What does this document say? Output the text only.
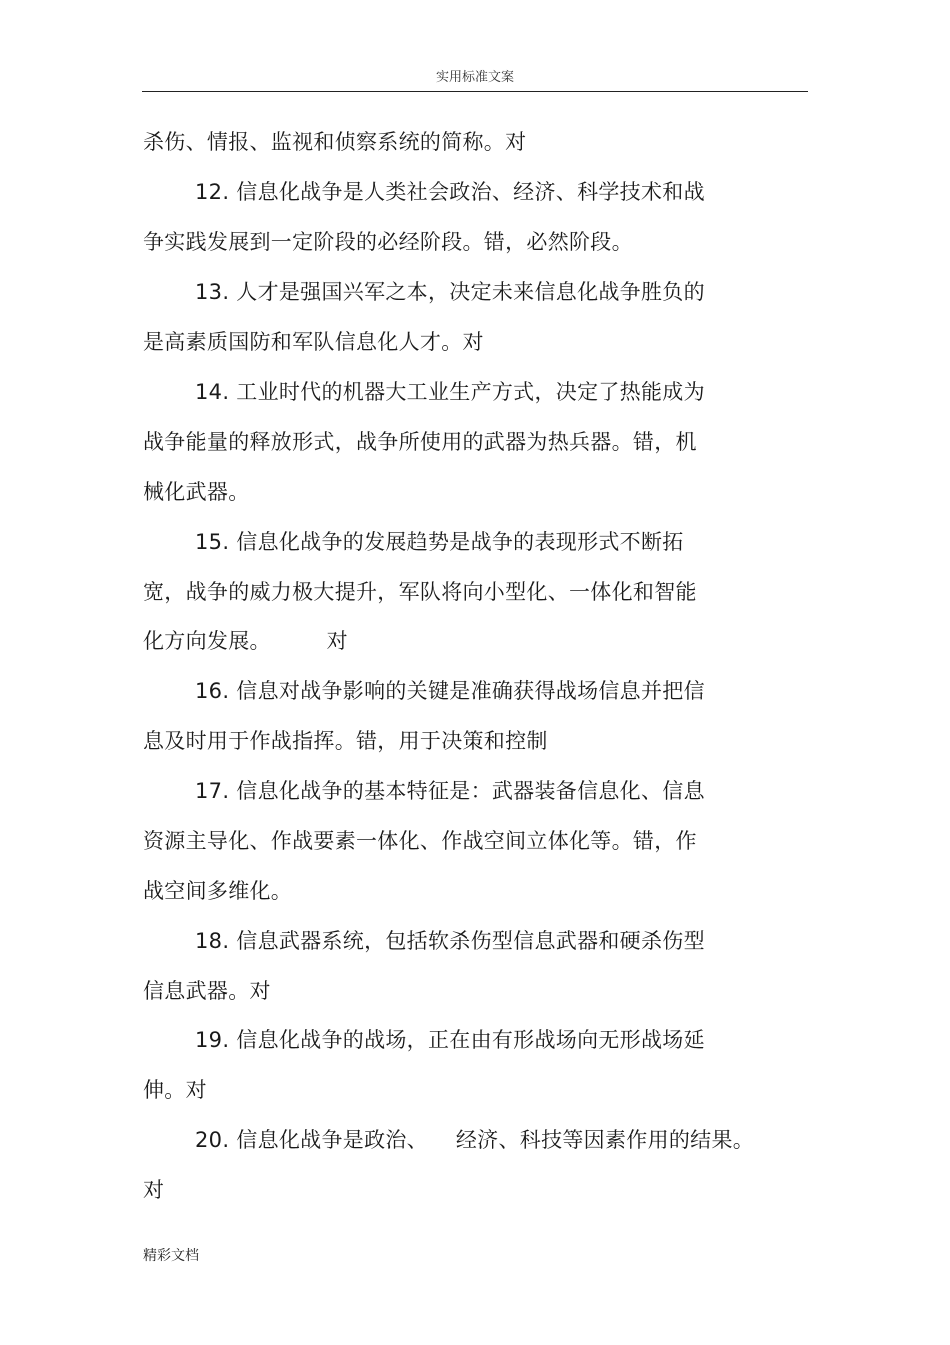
实用标准文案
杀伤、情报、监视和侦察系统的简称。对
12. 信息化战争是人类社会政治、经济、科学技术和战
争实践发展到一定阶段的必经阶段。错，必然阶段。
13. 人才是强国兴军之本，决定未来信息化战争胜负的
是高素质国防和军队信息化人才。对
14. 工业时代的机器大工业生产方式，决定了热能成为
战争能量的释放形式，战争所使用的武器为热兵器。错，机
械化武器。
15. 信息化战争的发展趋势是战争的表现形式不断拓
宽，战争的威力极大提升，军队将向小型化、一体化和智能
化方向发展。        对
16. 信息对战争影响的关键是准确获得战场信息并把信
息及时用于作战指挥。错，用于决策和控制
17. 信息化战争的基本特征是：武器装备信息化、信息
资源主导化、作战要素一体化、作战空间立体化等。错，作
战空间多维化。
18. 信息武器系统，包括软杀伤型信息武器和硬杀伤型
信息武器。对
19. 信息化战争的战场，正在由有形战场向无形战场延
伸。对
20. 信息化战争是政治、    经济、科技等因素作用的结果。
对
精彩文档
